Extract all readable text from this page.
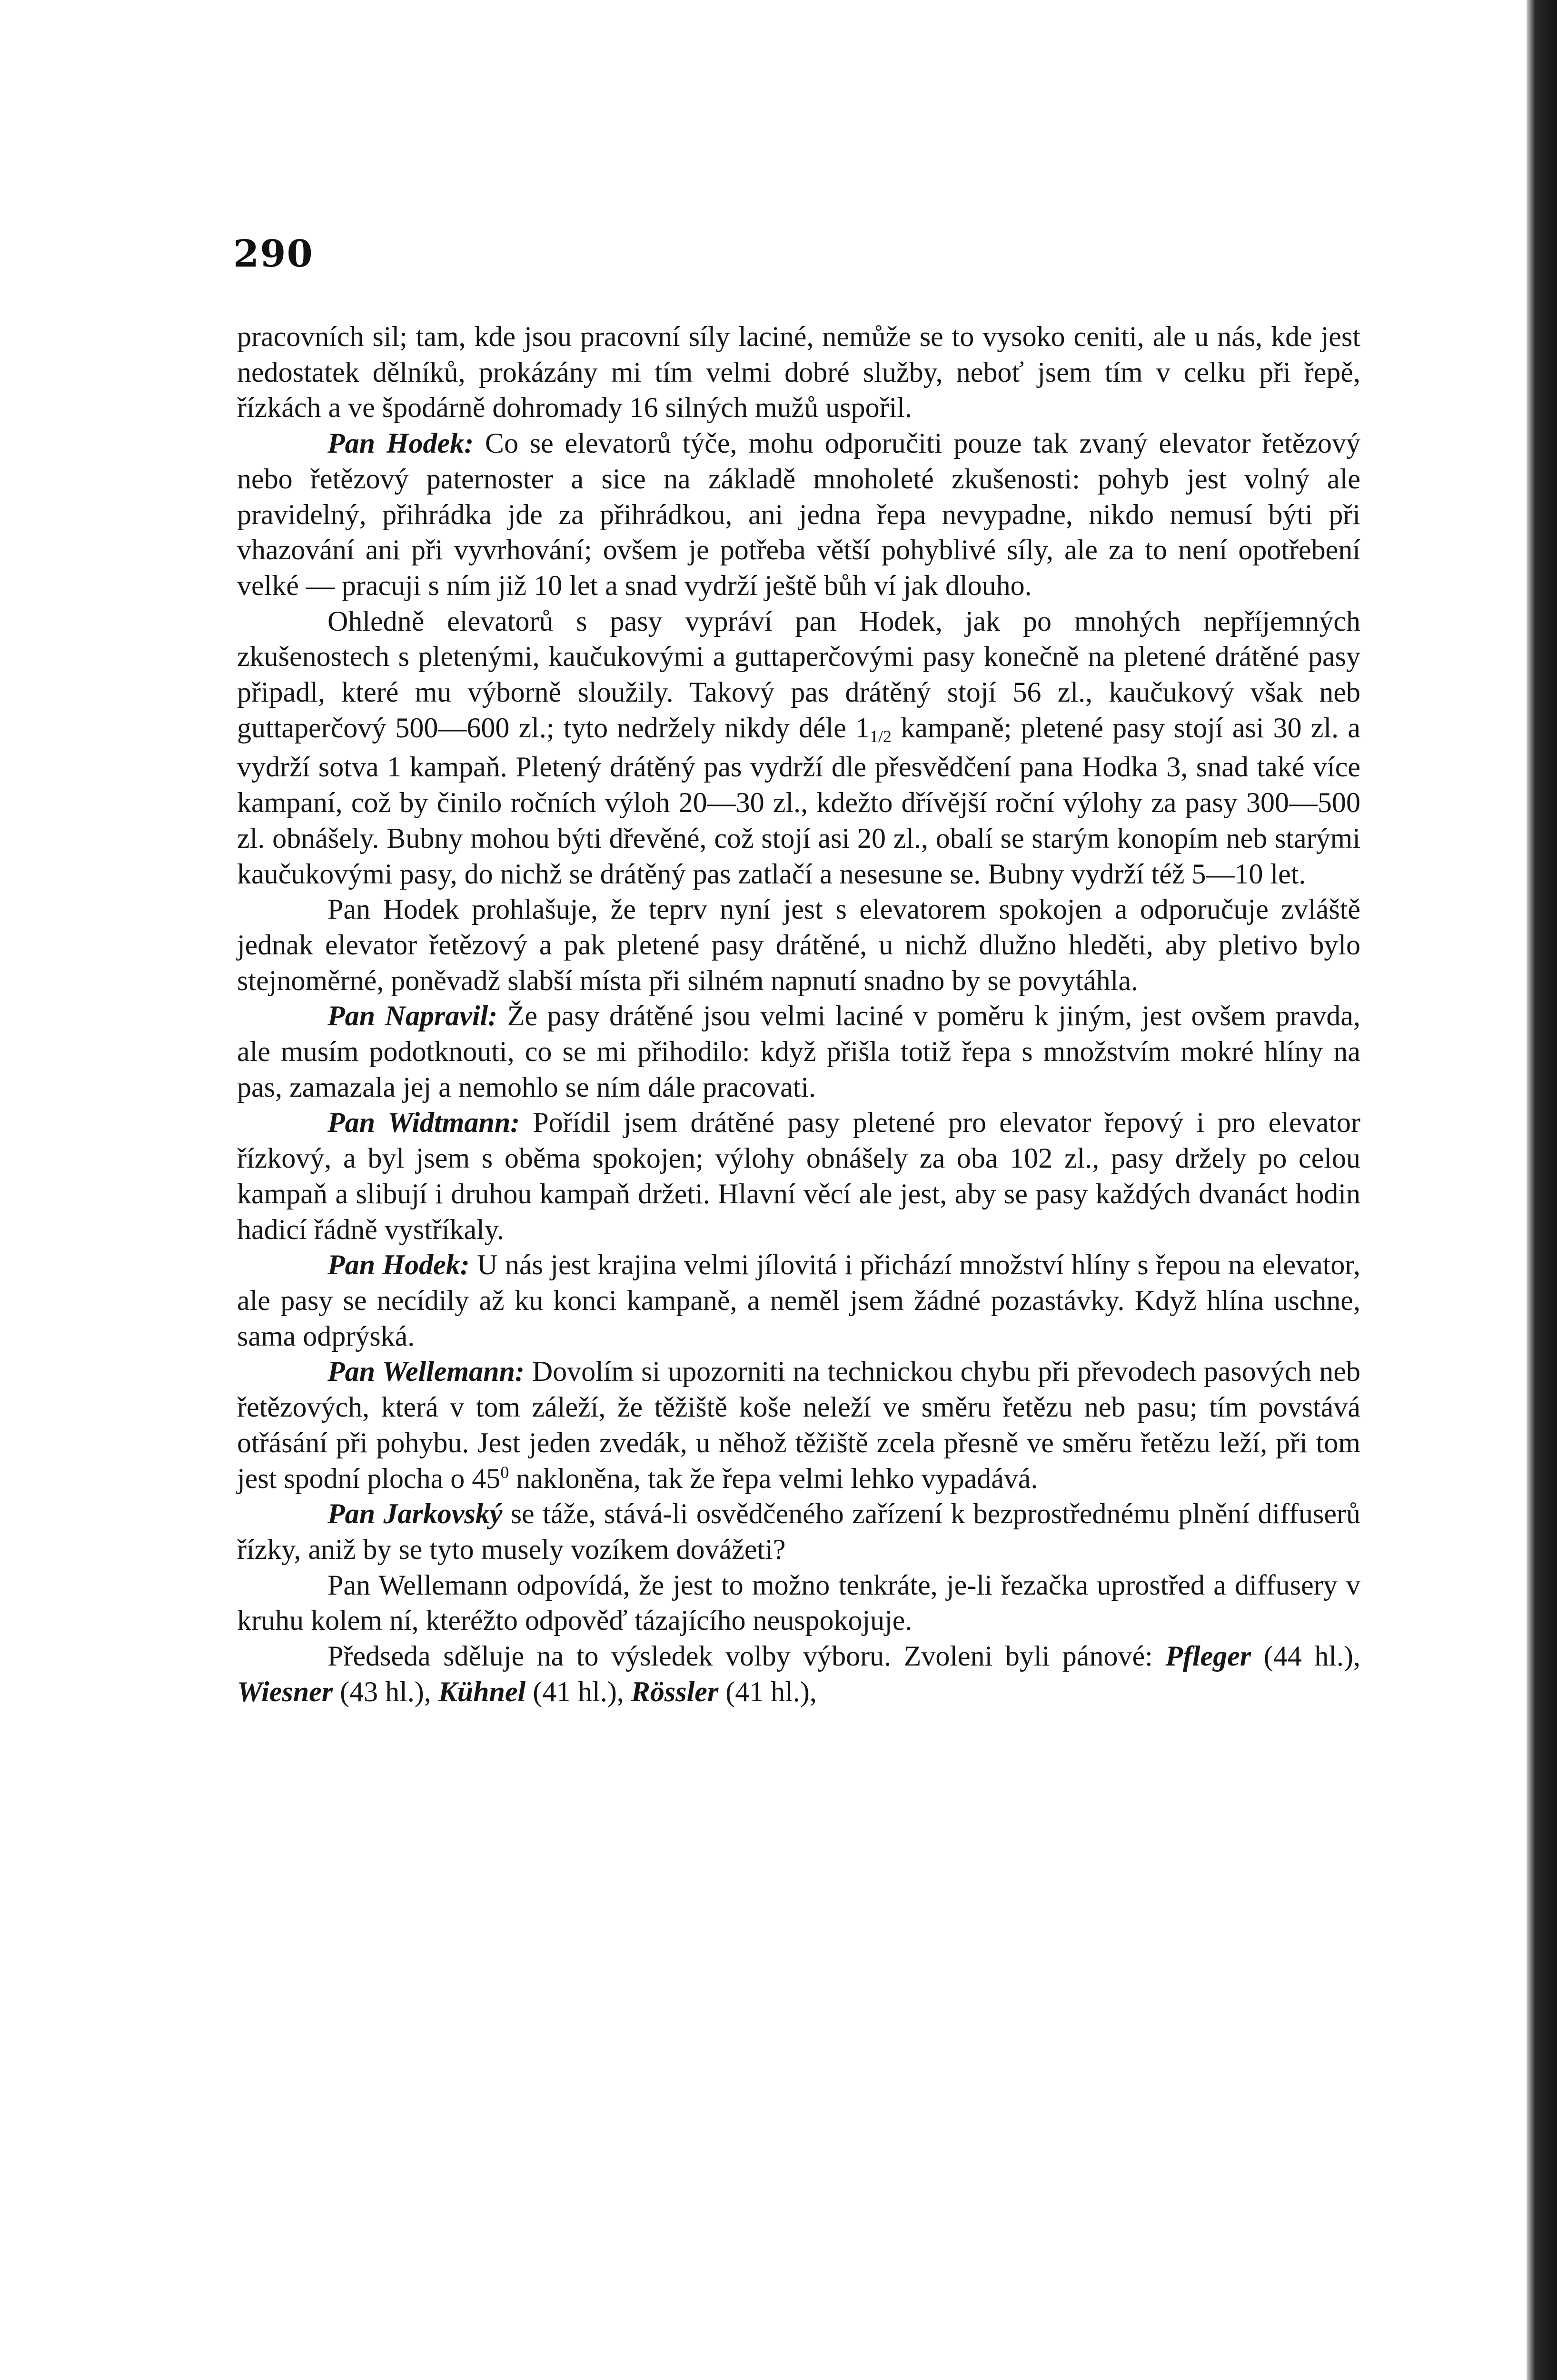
290

pracovních sil; tam, kde jsou pracovní síly laciné, nemůže se to vysoko ceniti, ale u nás, kde jest nedostatek dělníků, prokázány mi tím velmi dobré služby, neboť jsem tím v celku při řepě, řízkách a ve špodárně dohromady 16 silných mužů uspořil.

Pan Hodek: Co se elevatorů týče, mohu odporučiti pouze tak zvaný elevator řetězový nebo řetězový paternoster a sice na základě mnoholeté zkušenosti: pohyb jest volný ale pravidelný, přihrádka jde za přihrádkou, ani jedna řepa nevypadne, nikdo nemusí býti při vhazování ani při vyvrhování; ovšem je potřeba větší pohyblivé síly, ale za to není opotřebení velké — pracuji s ním již 10 let a snad vydrží ještě bůh ví jak dlouho.

Ohledně elevatorů s pasy vypráví pan Hodek, jak po mnohých nepříjemných zkušenostech s pletenými, kaučukovými a guttaperčovými pasy konečně na pletené drátěné pasy připadl, které mu výborně sloužily. Takový pas drátěný stojí 56 zl., kaučukový však neb guttaperčový 500—600 zl.; tyto nedržely nikdy déle 11/2 kampaně; pletené pasy stojí asi 30 zl. a vydrží sotva 1 kampaň. Pletený drátěný pas vydrží dle přesvědčení pana Hodka 3, snad také více kampaní, což by činilo ročních výloh 20—30 zl., kdežto dřívější roční výlohy za pasy 300—500 zl. obnášely. Bubny mohou býti dřevěné, což stojí asi 20 zl., obalí se starým konopím neb starými kaučukovými pasy, do nichž se drátěný pas zatlačí a nesesune se. Bubny vydrží též 5—10 let.

Pan Hodek prohlašuje, že teprv nyní jest s elevatorem spokojen a odporučuje zvláště jednak elevator řetězový a pak pletené pasy drátěné, u nichž dlužno hleděti, aby pletivo bylo stejnoměrné, poněvadž slabší místa při silném napnutí snadno by se povytáhla.

Pan Napravil: Že pasy drátěné jsou velmi laciné v poměru k jiným, jest ovšem pravda, ale musím podotknouti, co se mi přihodilo: když přišla totiž řepa s množstvím mokré hlíny na pas, zamazala jej a nemohlo se ním dále pracovati.

Pan Widtmann: Pořídil jsem drátěné pasy pletené pro elevator řepový i pro elevator řízkový, a byl jsem s oběma spokojen; výlohy obnášely za oba 102 zl., pasy držely po celou kampaň a slibují i druhou kampaň držeti. Hlavní věcí ale jest, aby se pasy každých dvanáct hodin hadicí řádně vystříkaly.

Pan Hodek: U nás jest krajina velmi jílovitá i přichází množství hlíny s řepou na elevator, ale pasy se necídily až ku konci kampaně, a neměl jsem žádné pozastávky. Když hlína uschne, sama odprýská.

Pan Wellemann: Dovolím si upozorniti na technickou chybu při převodech pasových neb řetězových, která v tom záleží, že těžiště koše neleží ve směru řetězu neb pasu; tím povstává otřásání při pohybu. Jest jeden zvedák, u něhož těžiště zcela přesně ve směru řetězu leží, při tom jest spodní plocha o $45^0$ nakloněna, tak že řepa velmi lehko vypadává.

Pan Jarkovský se táže, stává-li osvědčeného zařízení k bezprostřednému plnění diffuserů řízky, aniž by se tyto musely vozíkem dovážeti?

Pan Wellemann odpovídá, že jest to možno tenkráte, je-li řezačka uprostřed a diffusery v kruhu kolem ní, kteréžto odpověď tázajícího neuspokojuje.

Předseda sděluje na to výsledek volby výboru. Zvoleni byli pánové: Pfleger (44 hl.), Wiesner (43 hl.), Kühnel (41 hl.), Rössler (41 hl.),
